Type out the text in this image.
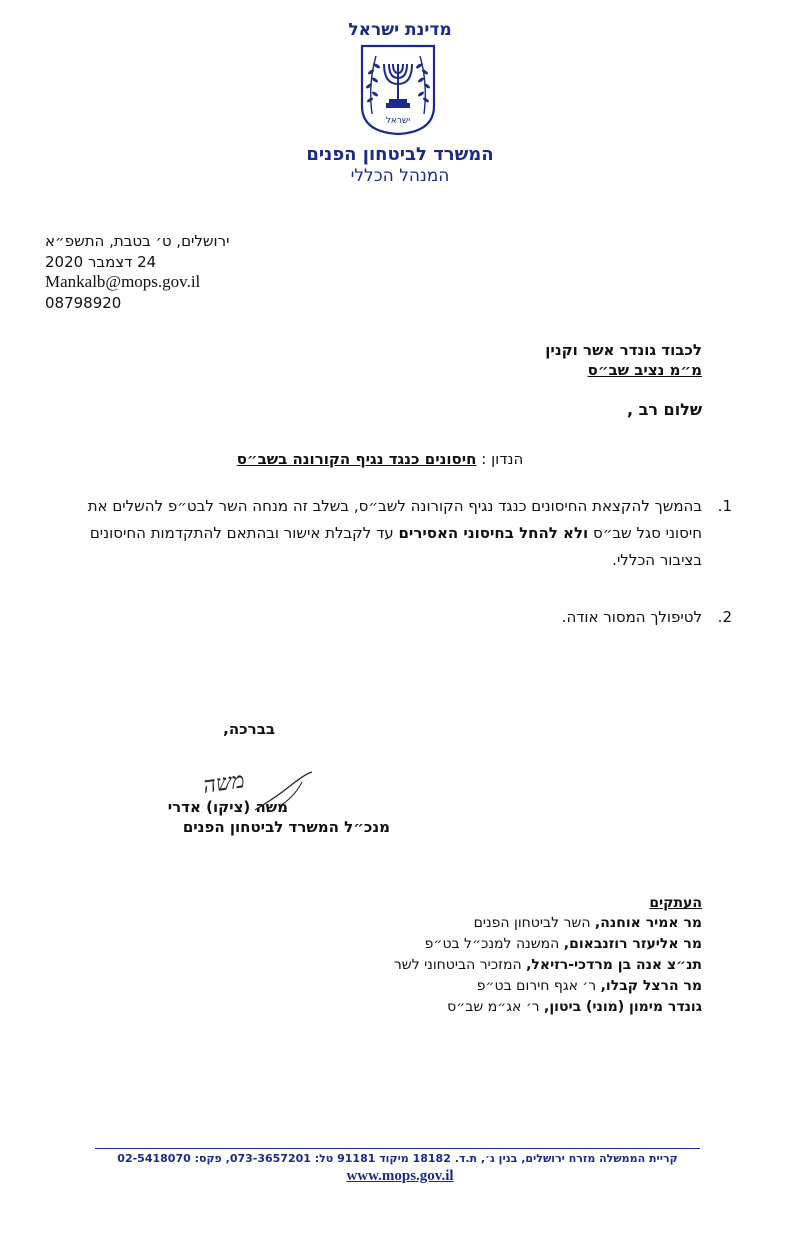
מדינת ישראל
ישראל
המשרד לביטחון הפנים
המנהל הכללי
ירושלים, ט׳ בטבת, התשפ״א
24 דצמבר 2020
Mankalb@mops.gov.il
08798920
לכבוד גונדר אשר וקנין
מ״מ נציב שב״ס
שלום רב ,
הנדון : חיסונים כנגד נגיף הקורונה בשב״ס
1.
בהמשך להקצאת החיסונים כנגד נגיף הקורונה לשב״ס, בשלב זה מנחה השר לבט״פ להשלים את חיסוני סגל שב״ס ולא להחל בחיסוני האסירים עד לקבלת אישור ובהתאם להתקדמות החיסונים בציבור הכללי.
2.
לטיפולך המסור אודה.
בברכה,
משה
משה (ציקו) אדרי
מנכ״ל המשרד לביטחון הפנים
העתקים
מר אמיר אוחנה, השר לביטחון הפנים
מר אליעזר רוזנבאום, המשנה למנכ״ל בט״פ
תנ״צ אנה בן מרדכי-רזיאל, המזכיר הביטחוני לשר
מר הרצל קבלו, ר׳ אגף חירום בט״פ
גונדר מימון (מוני) ביטון, ר׳ אג״מ שב״ס
קריית הממשלה מזרח ירושלים, בנין ג׳, ת.ד. 18182 מיקוד 91181 טל: 073-3657201, פקס: 02-5418070
www.mops.gov.il
